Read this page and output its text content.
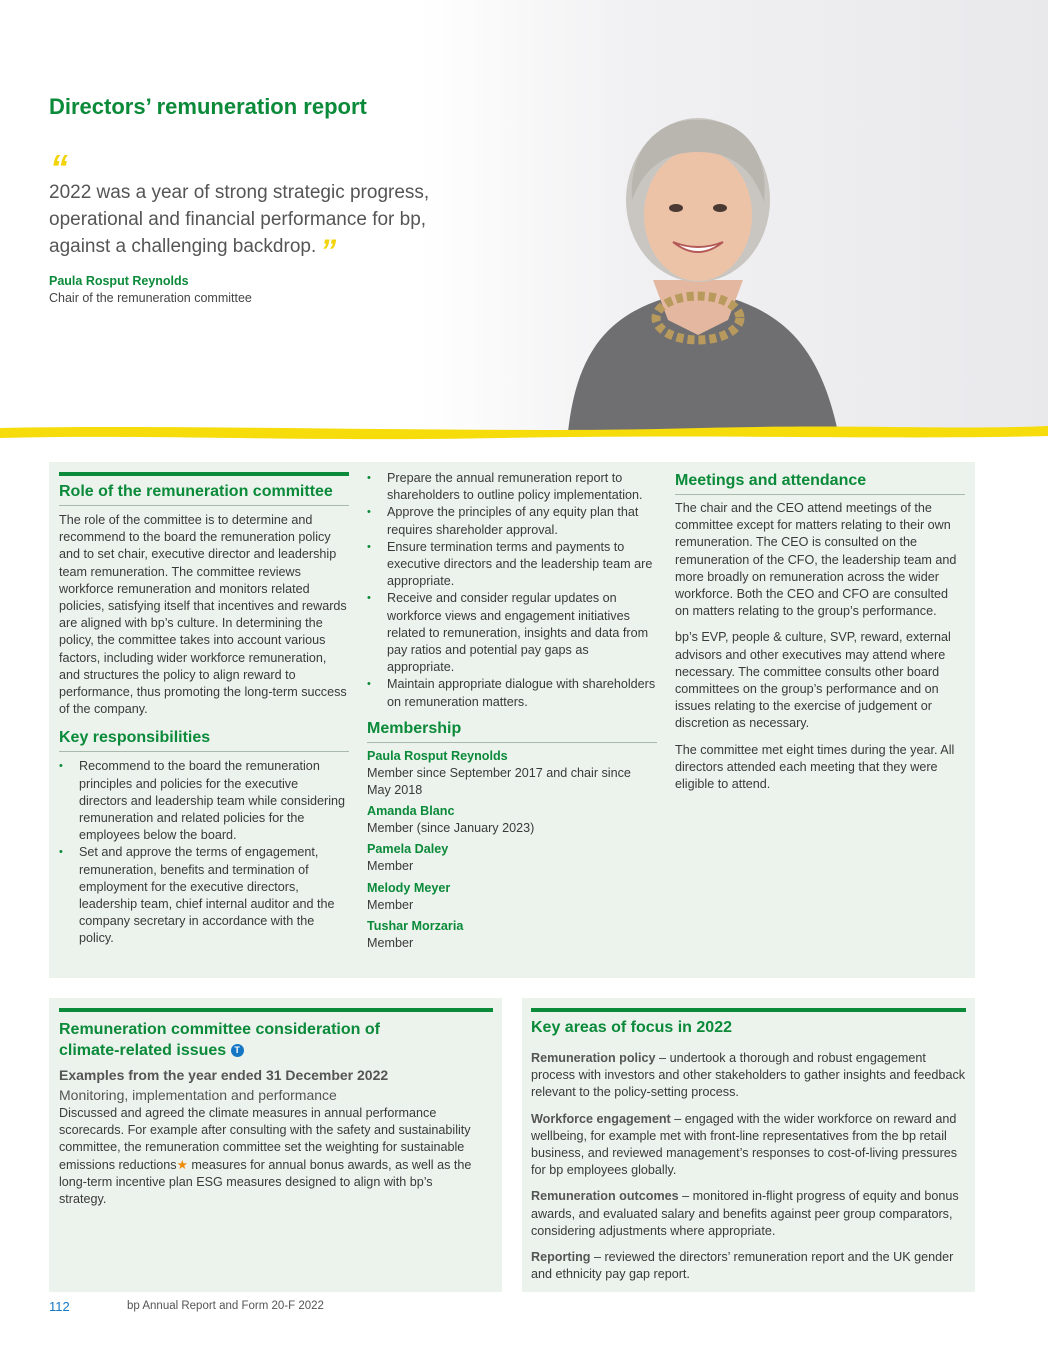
Directors’ remuneration report
“
2022 was a year of strong strategic progress, operational and financial performance for bp, against a challenging backdrop. ”
Paula Rosput Reynolds
Chair of the remuneration committee
Role of the remuneration committee

The role of the committee is to determine and recommend to the board the remuneration policy and to set chair, executive director and leadership team remuneration. The committee reviews workforce remuneration and monitors related policies, satisfying itself that incentives and rewards are aligned with bp’s culture. In determining the policy, the committee takes into account various factors, including wider workforce remuneration, and structures the policy to align reward to performance, thus promoting the long-term success of the company.

Key responsibilities
• Recommend to the board the remuneration principles and policies for the executive directors and leadership team while considering remuneration and related policies for the employees below the board.
• Set and approve the terms of engagement, remuneration, benefits and termination of employment for the executive directors, leadership team, chief internal auditor and the company secretary in accordance with the policy.
• Prepare the annual remuneration report to shareholders to outline policy implementation.
• Approve the principles of any equity plan that requires shareholder approval.
• Ensure termination terms and payments to executive directors and the leadership team are appropriate.
• Receive and consider regular updates on workforce views and engagement initiatives related to remuneration, insights and data from pay ratios and potential pay gaps as appropriate.
• Maintain appropriate dialogue with shareholders on remuneration matters.
Membership
Paula Rosput Reynolds
Member since September 2017 and chair since May 2018
Amanda Blanc
Member (since January 2023)
Pamela Daley
Member
Melody Meyer
Member
Tushar Morzaria
Member
Meetings and attendance

The chair and the CEO attend meetings of the committee except for matters relating to their own remuneration. The CEO is consulted on the remuneration of the CFO, the leadership team and more broadly on remuneration across the wider workforce. Both the CEO and CFO are consulted on matters relating to the group’s performance.

bp’s EVP, people & culture, SVP, reward, external advisors and other executives may attend where necessary. The committee consults other board committees on the group’s performance and on issues relating to the exercise of judgement or discretion as necessary.

The committee met eight times during the year. All directors attended each meeting that they were eligible to attend.

Remuneration committee consideration of climate-related issues T
Examples from the year ended 31 December 2022
Monitoring, implementation and performance

Discussed and agreed the climate measures in annual performance scorecards. For example after consulting with the safety and sustainability committee, the remuneration committee set the weighting for sustainable emissions reductions★ measures for annual bonus awards, as well as the long-term incentive plan ESG measures designed to align with bp’s strategy.

Key areas of focus in 2022

Remuneration policy – undertook a thorough and robust engagement process with investors and other stakeholders to gather insights and feedback relevant to the policy-setting process.

Workforce engagement – engaged with the wider workforce on reward and wellbeing, for example met with front-line representatives from the bp retail business, and reviewed management’s responses to cost-of-living pressures for bp employees globally.

Remuneration outcomes – monitored in-flight progress of equity and bonus awards, and evaluated salary and benefits against peer group comparators, considering adjustments where appropriate.

Reporting – reviewed the directors’ remuneration report and the UK gender and ethnicity pay gap report.

112	bp Annual Report and Form 20-F 2022
